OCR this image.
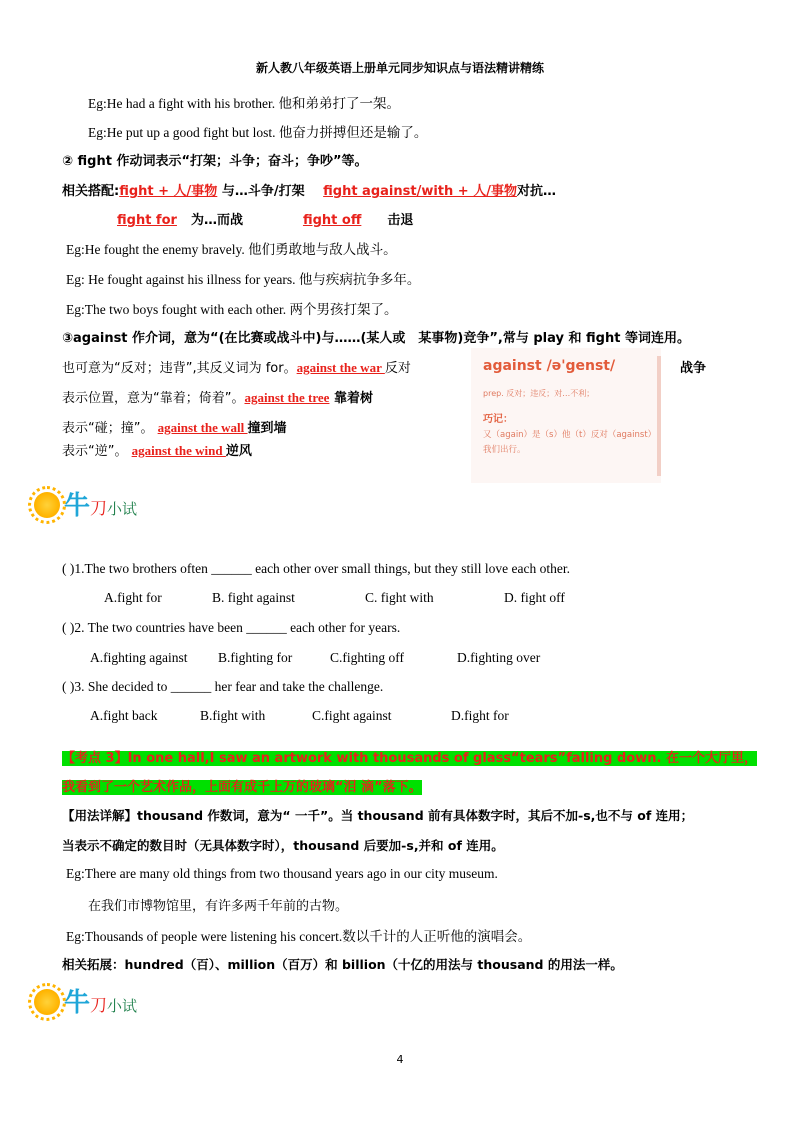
新人教八年级英语上册单元同步知识点与语法精讲精练
Eg:He had a fight with his brother. 他和弟弟打了一架。
Eg:He put up a good fight but lost. 他奋力拼搏但还是输了。
② fight 作动词表示“打架；斗争；奋斗；争吵”等。
相关搭配:fight + 人/事物 与…斗争/打架 fight against/with + 人/事物对抗…
fight for 为…而战	fight off 击退
Eg:He fought the enemy bravely. 他们勇敢地与敌人战斗。
Eg: He fought against his illness for years. 他与疾病抗争多年。
Eg:The two boys fought with each other. 两个男孩打架了。
③against 作介词，意为“(在比赛或战斗中)与……(某人或　某事物)竞争”,常与 play 和 fight 等词连用。
也可意为“反对；违背”,其反义词为 for。against the war 反对	战争
表示位置，意为“靠着；倚着”。against the tree 靠着树
表示“碰；撞”。 against the wall 撞到墙
表示“逆”。 against the wind 逆风
against /ə'genst/
prep. 反对；违反；对…不利；
巧记：
又（again）是（s）他（t）反对（against）我们出行。
牛刀小试
( )1.The two brothers often ______ each other over small things, but they still love each other.
A.fight for	B. fight against	C. fight with	D. fight off
( )2. The two countries have been ______ each other for years.
A.fighting against B.fighting for	C.fighting off	D.fighting over
( )3. She decided to ______ her fear and take the challenge.
A.fight back	B.fight with	C.fight against	D.fight for
【考点 3】In one hall,I saw an artwork with thousands of glass“tears”falling down. 在一个大厅里，
我看到了一个艺术作品，上面有成千上万的玻璃“泪 滴”落下。
【用法详解】thousand 作数词，意为“ 一千”。当 thousand 前有具体数字时，其后不加-s,也不与 of 连用；
当表示不确定的数目时（无具体数字时），thousand 后要加-s,并和 of 连用。
Eg:There are many old things from two thousand years ago in our city museum.
在我们市博物馆里，有许多两千年前的古物。
Eg:Thousands of people were listening his concert.数以千计的人正听他的演唱会。
相关拓展：hundred（百）、million（百万）和 billion（十亿的用法与 thousand 的用法一样。
牛刀小试
4
